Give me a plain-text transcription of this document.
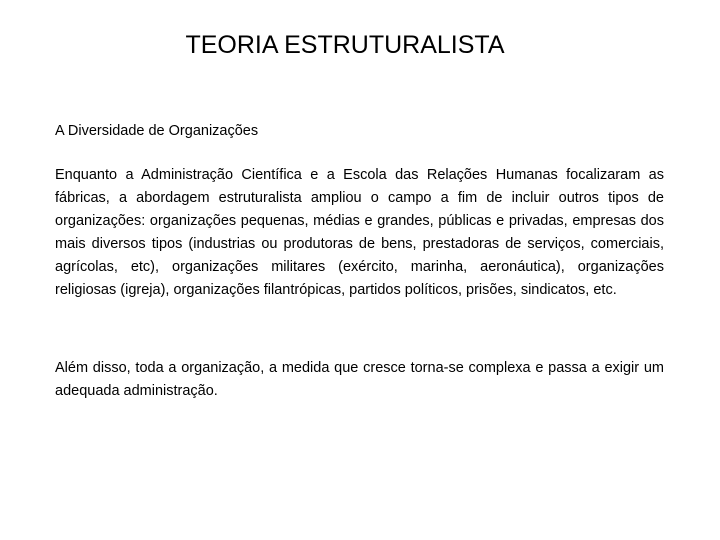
TEORIA ESTRUTURALISTA
A Diversidade de Organizações

Enquanto a Administração Científica e a Escola das Relações Humanas focalizaram as fábricas, a abordagem estruturalista ampliou o campo a fim de incluir outros tipos de organizações: organizações pequenas, médias e grandes, públicas e privadas, empresas dos mais diversos tipos (industrias ou produtoras de bens, prestadoras de serviços, comerciais, agrícolas, etc), organizações militares (exército, marinha, aeronáutica), organizações religiosas (igreja), organizações filantrópicas, partidos políticos, prisões, sindicatos, etc.

Além disso, toda a organização, a medida que cresce torna-se complexa e passa a exigir um adequada administração.
